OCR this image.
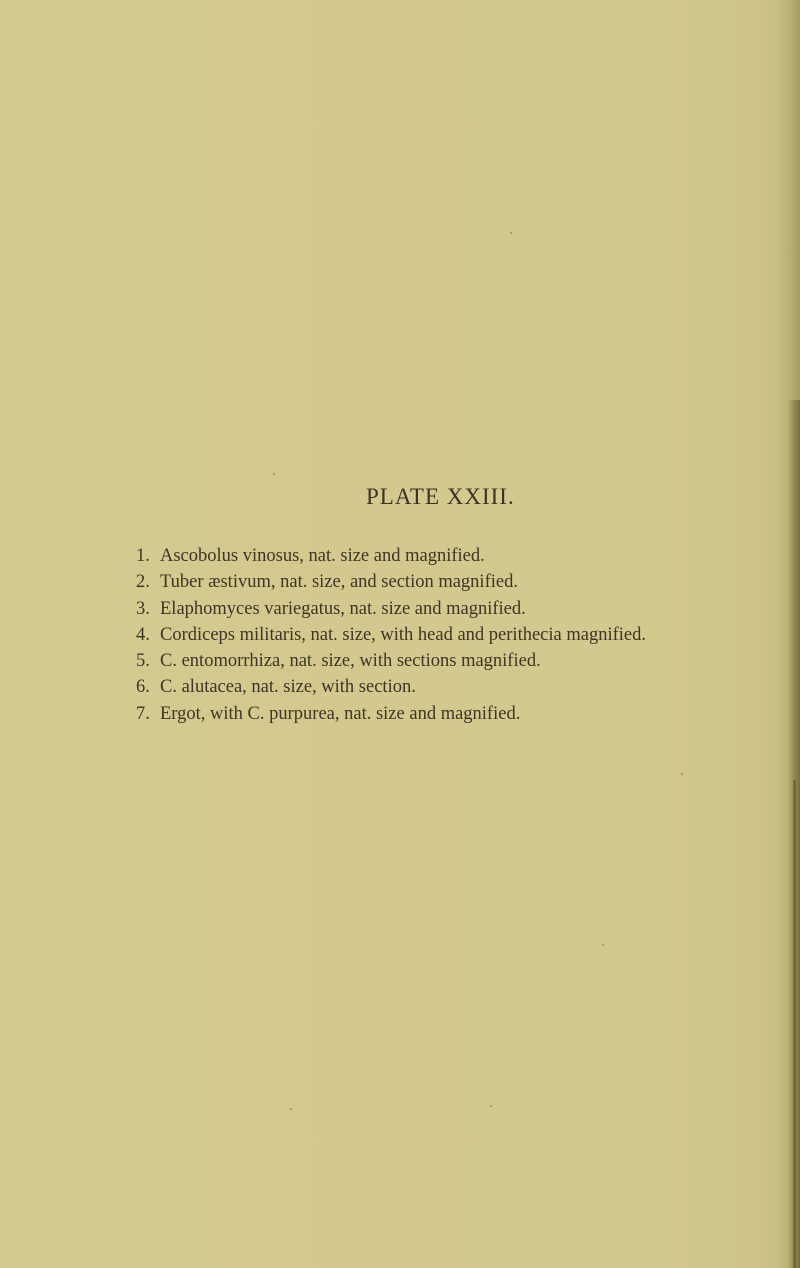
PLATE XXIII.
1. Ascobolus vinosus, nat. size and magnified.
2. Tuber æstivum, nat. size, and section magnified.
3. Elaphomyces variegatus, nat. size and magnified.
4. Cordiceps militaris, nat. size, with head and perithecia magnified.
5. C. entomorrhiza, nat. size, with sections magnified.
6. C. alutacea, nat. size, with section.
7. Ergot, with C. purpurea, nat. size and magnified.
